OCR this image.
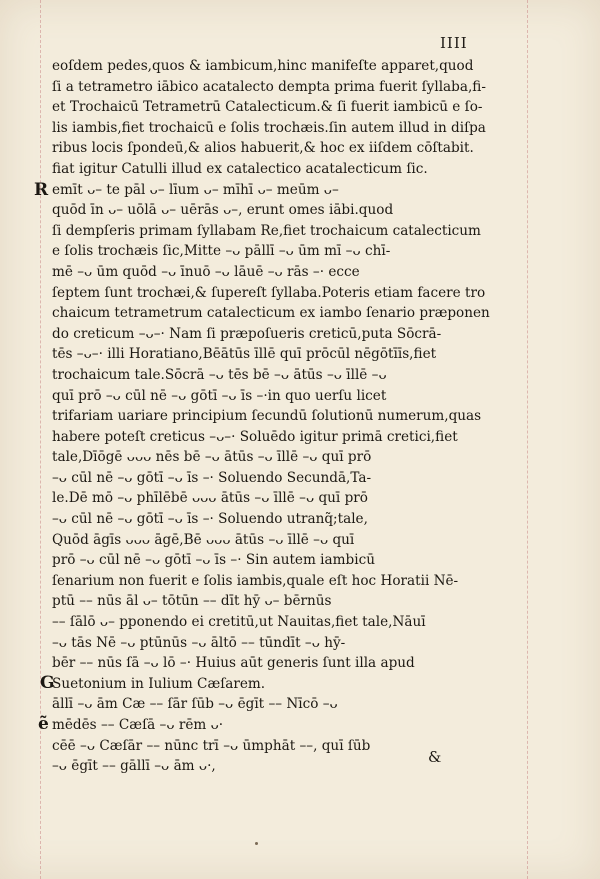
IIII
R
G
ẽ
eoſdem pedes,quos & iambicum,hinc manifeſte apparet,quod
ſi a tetrametro iābico acatalecto dempta prima fuerit ſyllaba,fi-
et Trochaicū Tetrametrū Catalecticum.& ſi fuerit iambicū e ſo-
lis iambis,fiet trochaicū e ſolis trochæis.ſin autem illud in diſpa
ribus locis ſpondeū,& alios habuerit,& hoc ex iiſdem cōſtabit.
fiat igitur Catulli illud ex catalectico acatalecticum ſic.
emīt ᴗ– te pāl ᴗ– līum ᴗ– mīhī ᴗ– meūm ᴗ–
quōd īn ᴗ– uōlā ᴗ– uērās ᴗ–, erunt omes iābi.quod
ſi dempſeris primam ſyllabam Re,fiet trochaicum catalecticum
e ſolis trochæis ſic,Mitte –ᴗ pāllī –ᴗ ūm mī –ᴗ chī-
mē –ᴗ ūm quōd –ᴗ īnuō –ᴗ lāuē –ᴗ rās –· ecce
ſeptem ſunt trochæi,& ſupereſt ſyllaba.Poteris etiam facere tro
chaicum tetrametrum catalecticum ex iambo ſenario præponen
do creticum –ᴗ–· Nam ſi præpoſueris creticū,puta Sōcrā-
tēs –ᴗ–· illi Horatiano,Bēātūs īllē quī prōcūl nēgōtīīs,fiet
trochaicum tale.Sōcrā –ᴗ tēs bē –ᴗ ātūs –ᴗ īllē –ᴗ
quī prō –ᴗ cūl nē –ᴗ gōtī –ᴗ īs –·in quo uerſu licet
trifariam uariare principium ſecundū ſolutionū numerum,quas
habere poteſt creticus –ᴗ–· Soluēdo igitur primā cretici,fiet
tale,Dīōgē ᴗᴗᴗ nēs bē –ᴗ ātūs –ᴗ īllē –ᴗ quī prō
–ᴗ cūl nē –ᴗ gōtī –ᴗ īs –· Soluendo Secundā,Ta-
le.Dē mō –ᴗ phīlēbē ᴗᴗᴗ ātūs –ᴗ īllē –ᴗ quī prō
–ᴗ cūl nē –ᴗ gōtī –ᴗ īs –· Soluendo utranq̃;tale,
Quōd āgīs ᴗᴗᴗ āgē,Bē ᴗᴗᴗ ātūs –ᴗ īllē –ᴗ quī
prō –ᴗ cūl nē –ᴗ gōtī –ᴗ īs –· Sin autem iambicū
ſenarium non fuerit e ſolis iambis,quale eſt hoc Horatii Nē-
ptū –– nūs āl ᴗ– tōtūn –– dīt hȳ ᴗ– bērnūs
–– ſālō ᴗ– pponendo ei cretitū,ut Nauitas,fiet tale,Nāuī
–ᴗ tās Nē –ᴗ ptūnūs –ᴗ āltō –– tūndīt –ᴗ hȳ-
bēr –– nūs ſā –ᴗ lō –· Huius aūt generis ſunt illa apud
Suetonium in Iulium Cæſarem.
āllī –ᴗ ām Cæ –– ſār ſūb –ᴗ ēgīt –– Nīcō –ᴗ
mēdēs –– Cæſā –ᴗ rēm ᴗ·
cēē –ᴗ Cæſār –– nūnc trī –ᴗ ūmphāt ––, quī ſūb
–ᴗ ēgīt –– gāllī –ᴗ ām ᴗ·,
&
